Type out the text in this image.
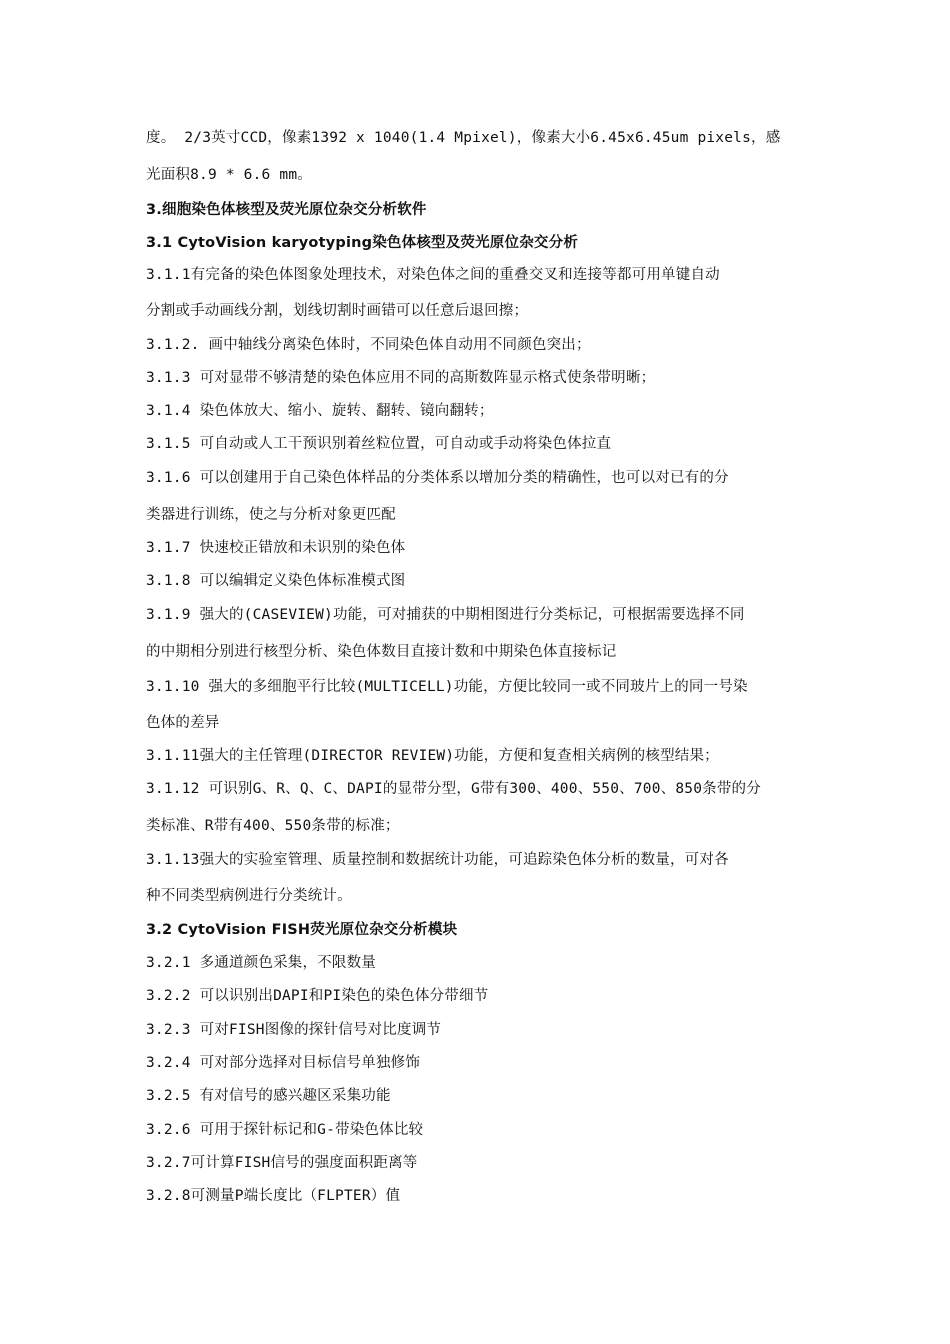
度。 2/3英寸CCD，像素1392 x 1040(1.4 Mpixel)，像素大小6.45x6.45um pixels，感
光面积8.9 * 6.6 mm。
3.细胞染色体核型及荧光原位杂交分析软件
3.1 CytoVision karyotyping染色体核型及荧光原位杂交分析
3.1.1有完备的染色体图象处理技术，对染色体之间的重叠交叉和连接等都可用单键自动
分割或手动画线分割，划线切割时画错可以任意后退回擦；
3.1.2. 画中轴线分离染色体时，不同染色体自动用不同颜色突出；
3.1.3 可对显带不够清楚的染色体应用不同的高斯数阵显示格式使条带明晰；
3.1.4 染色体放大、缩小、旋转、翻转、镜向翻转；
3.1.5 可自动或人工干预识别着丝粒位置，可自动或手动将染色体拉直
3.1.6 可以创建用于自己染色体样品的分类体系以增加分类的精确性，也可以对已有的分
类器进行训练，使之与分析对象更匹配
3.1.7 快速校正错放和未识别的染色体
3.1.8 可以编辑定义染色体标准模式图
3.1.9 强大的(CASEVIEW)功能，可对捕获的中期相图进行分类标记，可根据需要选择不同
的中期相分别进行核型分析、染色体数目直接计数和中期染色体直接标记
3.1.10 强大的多细胞平行比较(MULTICELL)功能，方便比较同一或不同玻片上的同一号染
色体的差异
3.1.11强大的主任管理(DIRECTOR REVIEW)功能，方便和复查相关病例的核型结果；
3.1.12 可识别G、R、Q、C、DAPI的显带分型，G带有300、400、550、700、850条带的分
类标准、R带有400、550条带的标准；
3.1.13强大的实验室管理、质量控制和数据统计功能，可追踪染色体分析的数量，可对各
种不同类型病例进行分类统计。
3.2 CytoVision FISH荧光原位杂交分析模块
3.2.1 多通道颜色采集，不限数量
3.2.2 可以识别出DAPI和PI染色的染色体分带细节
3.2.3 可对FISH图像的探针信号对比度调节
3.2.4 可对部分选择对目标信号单独修饰
3.2.5 有对信号的感兴趣区采集功能
3.2.6 可用于探针标记和G-带染色体比较
3.2.7可计算FISH信号的强度面积距离等
3.2.8可测量P端长度比（FLPTER）值
